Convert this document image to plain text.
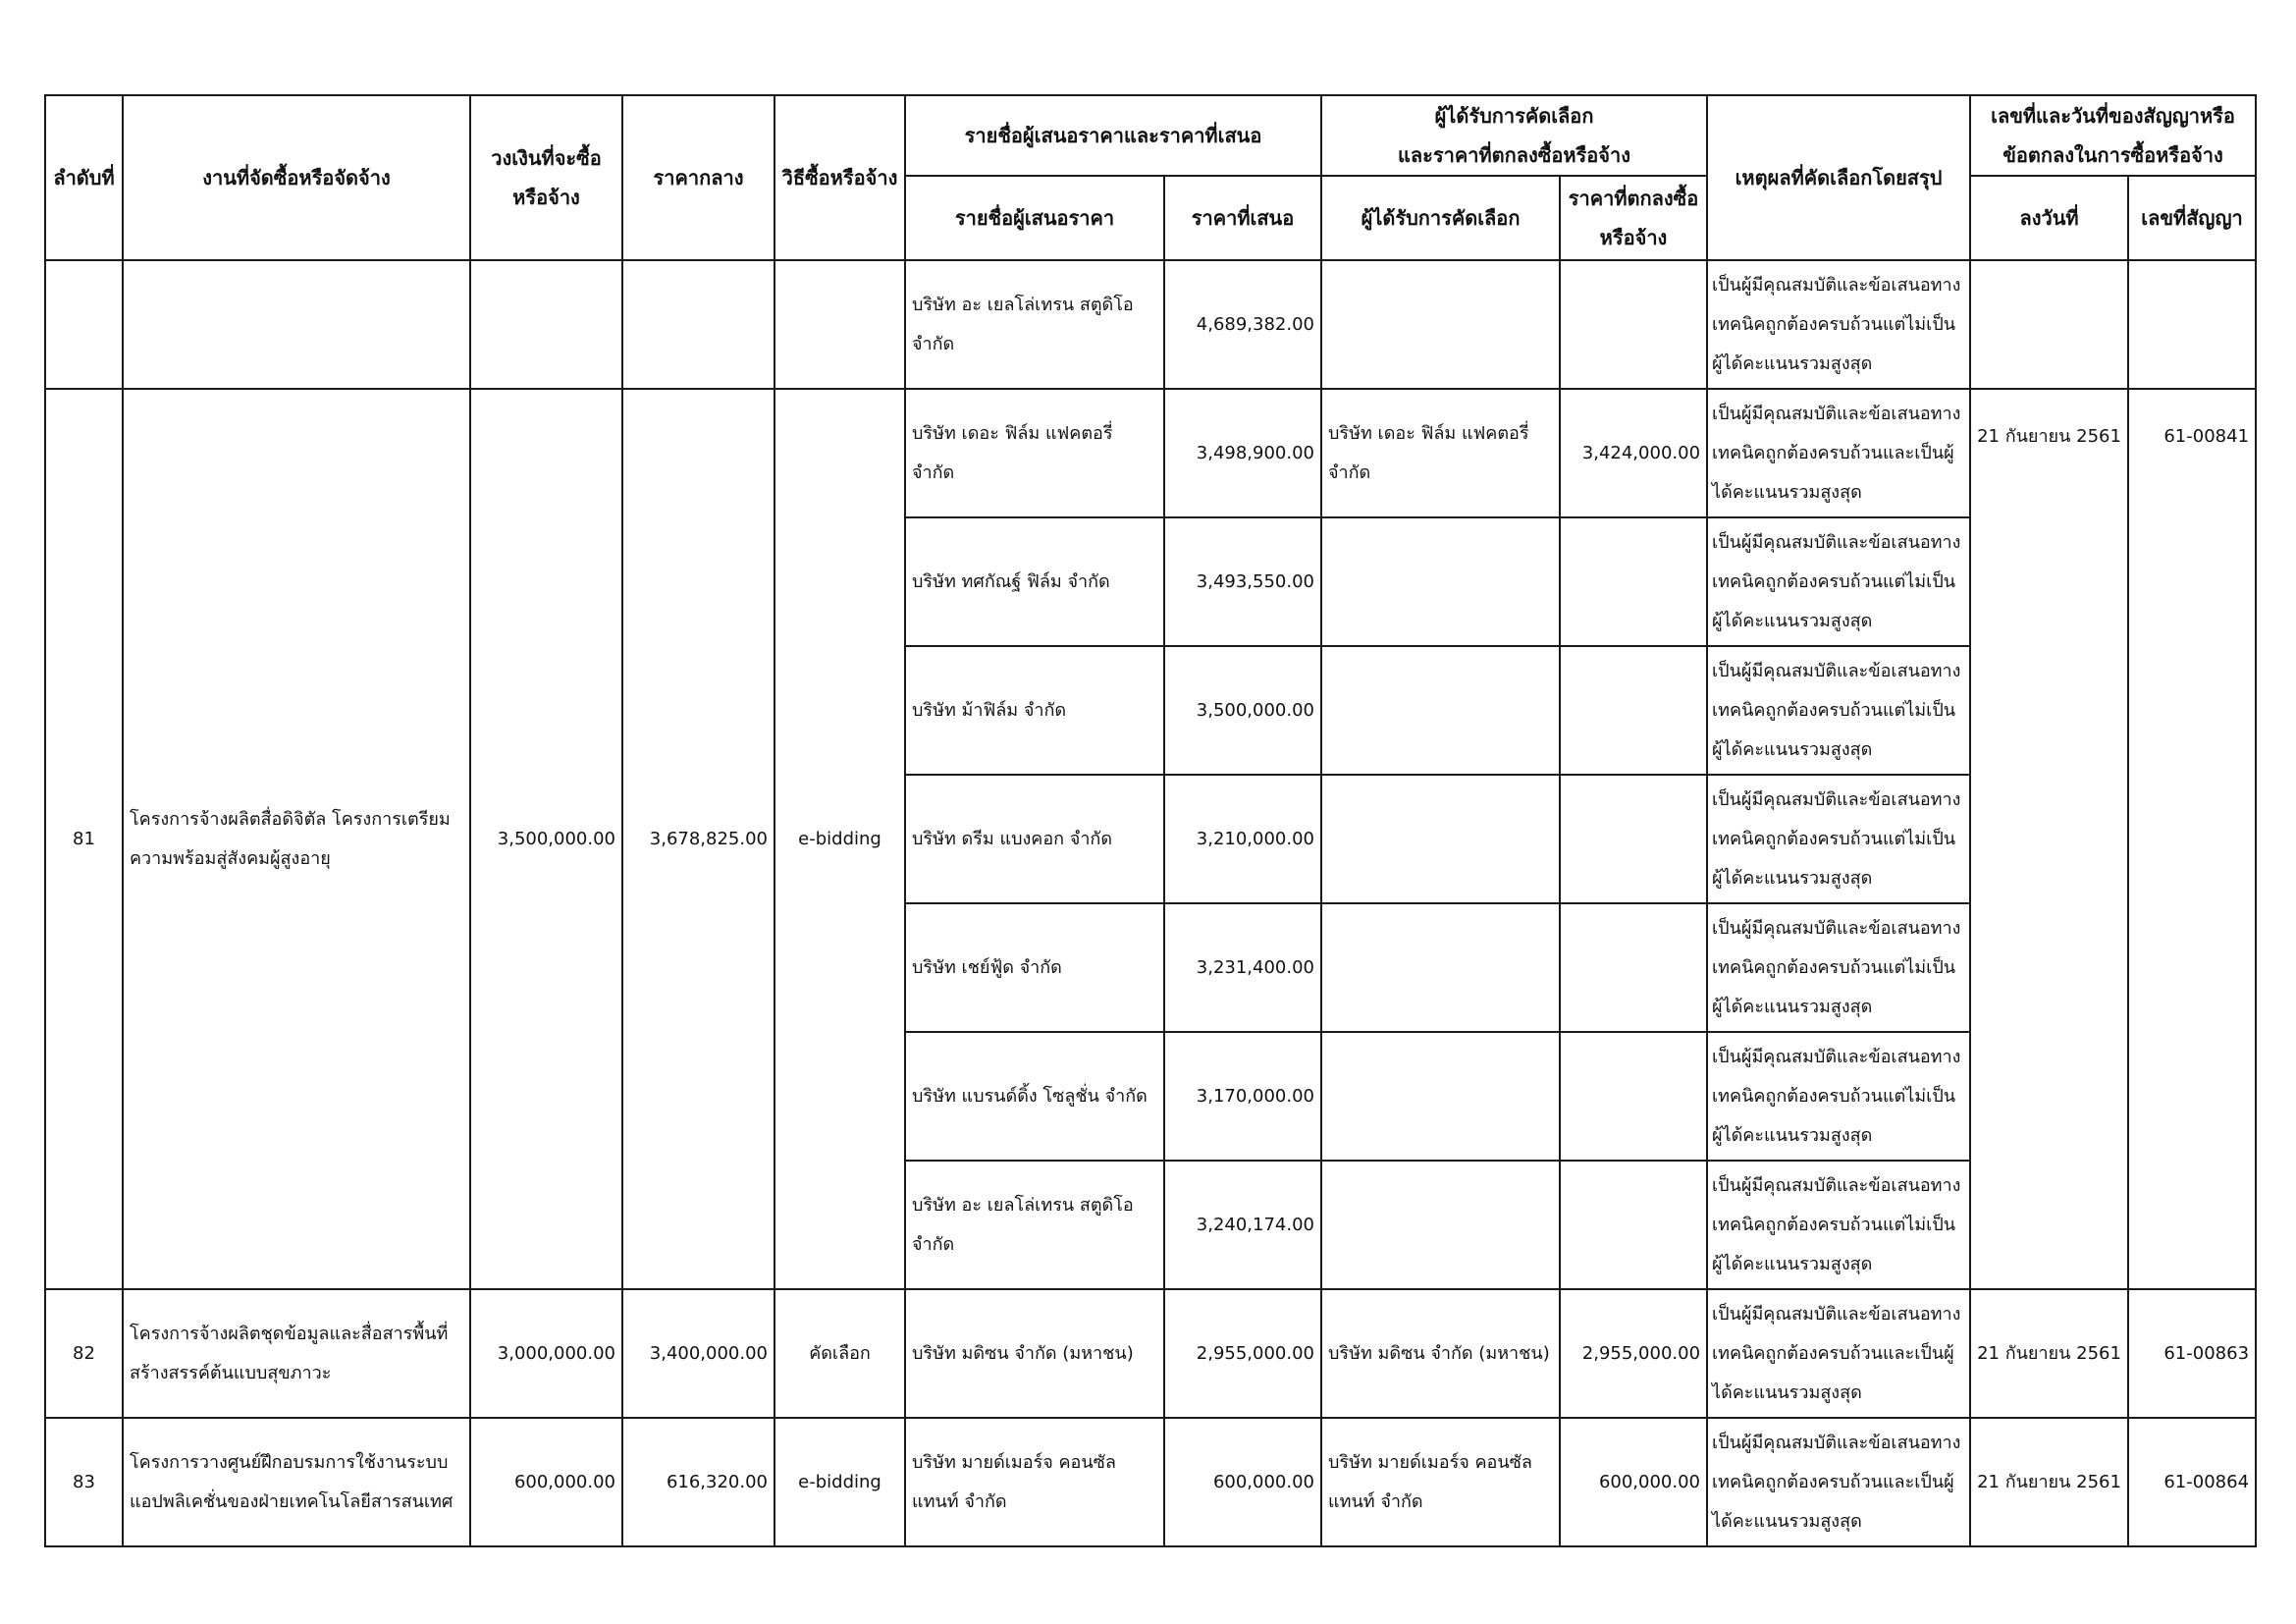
ลำดับที่	งานที่จัดซื้อหรือจัดจ้าง	วงเงินที่จะซื้อ
หรือจ้าง	ราคากลาง	วิธีซื้อหรือจ้าง	รายชื่อผู้เสนอราคาและราคาที่เสนอ		ผู้ได้รับการคัดเลือก
และราคาที่ตกลงซื้อหรือจ้าง		เหตุผลที่คัดเลือกโดยสรุป	เลขที่และวันที่ของสัญญาหรือ
ข้อตกลงในการซื้อหรือจ้าง	
					รายชื่อผู้เสนอราคา	ราคาที่เสนอ	ผู้ได้รับการคัดเลือก	ราคาที่ตกลงซื้อ
หรือจ้าง		ลงวันที่	เลขที่สัญญา
					บริษัท อะ เยลโล่เทรน สตูดิโอ
จำกัด	4,689,382.00			เป็นผู้มีคุณสมบัติและข้อเสนอทาง
เทคนิคถูกต้องครบถ้วนแต่ไม่เป็น
ผู้ได้คะแนนรวมสูงสุด		
81	โครงการจ้างผลิตสื่อดิจิตัล โครงการเตรียม
ความพร้อมสู่สังคมผู้สูงอายุ	3,500,000.00	3,678,825.00	e-bidding	บริษัท เดอะ ฟิล์ม แฟคตอรี่
จำกัด	3,498,900.00	บริษัท เดอะ ฟิล์ม แฟคตอรี่
จำกัด	3,424,000.00	เป็นผู้มีคุณสมบัติและข้อเสนอทาง
เทคนิคถูกต้องครบถ้วนและเป็นผู้
ได้คะแนนรวมสูงสุด	21 กันยายน 2561	61-00841
					บริษัท ทศกัณฐ์ ฟิล์ม จำกัด	3,493,550.00			เป็นผู้มีคุณสมบัติและข้อเสนอทาง
เทคนิคถูกต้องครบถ้วนแต่ไม่เป็น
ผู้ได้คะแนนรวมสูงสุด		
					บริษัท ม้าฟิล์ม จำกัด	3,500,000.00			เป็นผู้มีคุณสมบัติและข้อเสนอทาง
เทคนิคถูกต้องครบถ้วนแต่ไม่เป็น
ผู้ได้คะแนนรวมสูงสุด		
					บริษัท ดรีม แบงคอก จำกัด	3,210,000.00			เป็นผู้มีคุณสมบัติและข้อเสนอทาง
เทคนิคถูกต้องครบถ้วนแต่ไม่เป็น
ผู้ได้คะแนนรวมสูงสุด		
					บริษัท เชย์ฟู้ด จำกัด	3,231,400.00			เป็นผู้มีคุณสมบัติและข้อเสนอทาง
เทคนิคถูกต้องครบถ้วนแต่ไม่เป็น
ผู้ได้คะแนนรวมสูงสุด		
					บริษัท แบรนด์ดิ้ง โซลูชั่น จำกัด	3,170,000.00			เป็นผู้มีคุณสมบัติและข้อเสนอทาง
เทคนิคถูกต้องครบถ้วนแต่ไม่เป็น
ผู้ได้คะแนนรวมสูงสุด		
					บริษัท อะ เยลโล่เทรน สตูดิโอ
จำกัด	3,240,174.00			เป็นผู้มีคุณสมบัติและข้อเสนอทาง
เทคนิคถูกต้องครบถ้วนแต่ไม่เป็น
ผู้ได้คะแนนรวมสูงสุด		
82	โครงการจ้างผลิตชุดข้อมูลและสื่อสารพื้นที่
สร้างสรรค์ต้นแบบสุขภาวะ	3,000,000.00	3,400,000.00	คัดเลือก	บริษัท มดิซน จำกัด (มหาชน)	2,955,000.00	บริษัท มดิซน จำกัด (มหาชน)	2,955,000.00	เป็นผู้มีคุณสมบัติและข้อเสนอทาง
เทคนิคถูกต้องครบถ้วนและเป็นผู้
ได้คะแนนรวมสูงสุด	21 กันยายน 2561	61-00863
83	โครงการวางศูนย์ฝึกอบรมการใช้งานระบบ
แอปพลิเคชั่นของฝ่ายเทคโนโลยีสารสนเทศ	600,000.00	616,320.00	e-bidding	บริษัท มายด์เมอร์จ คอนซัล
แทนท์ จำกัด	600,000.00	บริษัท มายด์เมอร์จ คอนซัล
แทนท์ จำกัด	600,000.00	เป็นผู้มีคุณสมบัติและข้อเสนอทาง
เทคนิคถูกต้องครบถ้วนและเป็นผู้
ได้คะแนนรวมสูงสุด	21 กันยายน 2561	61-00864
